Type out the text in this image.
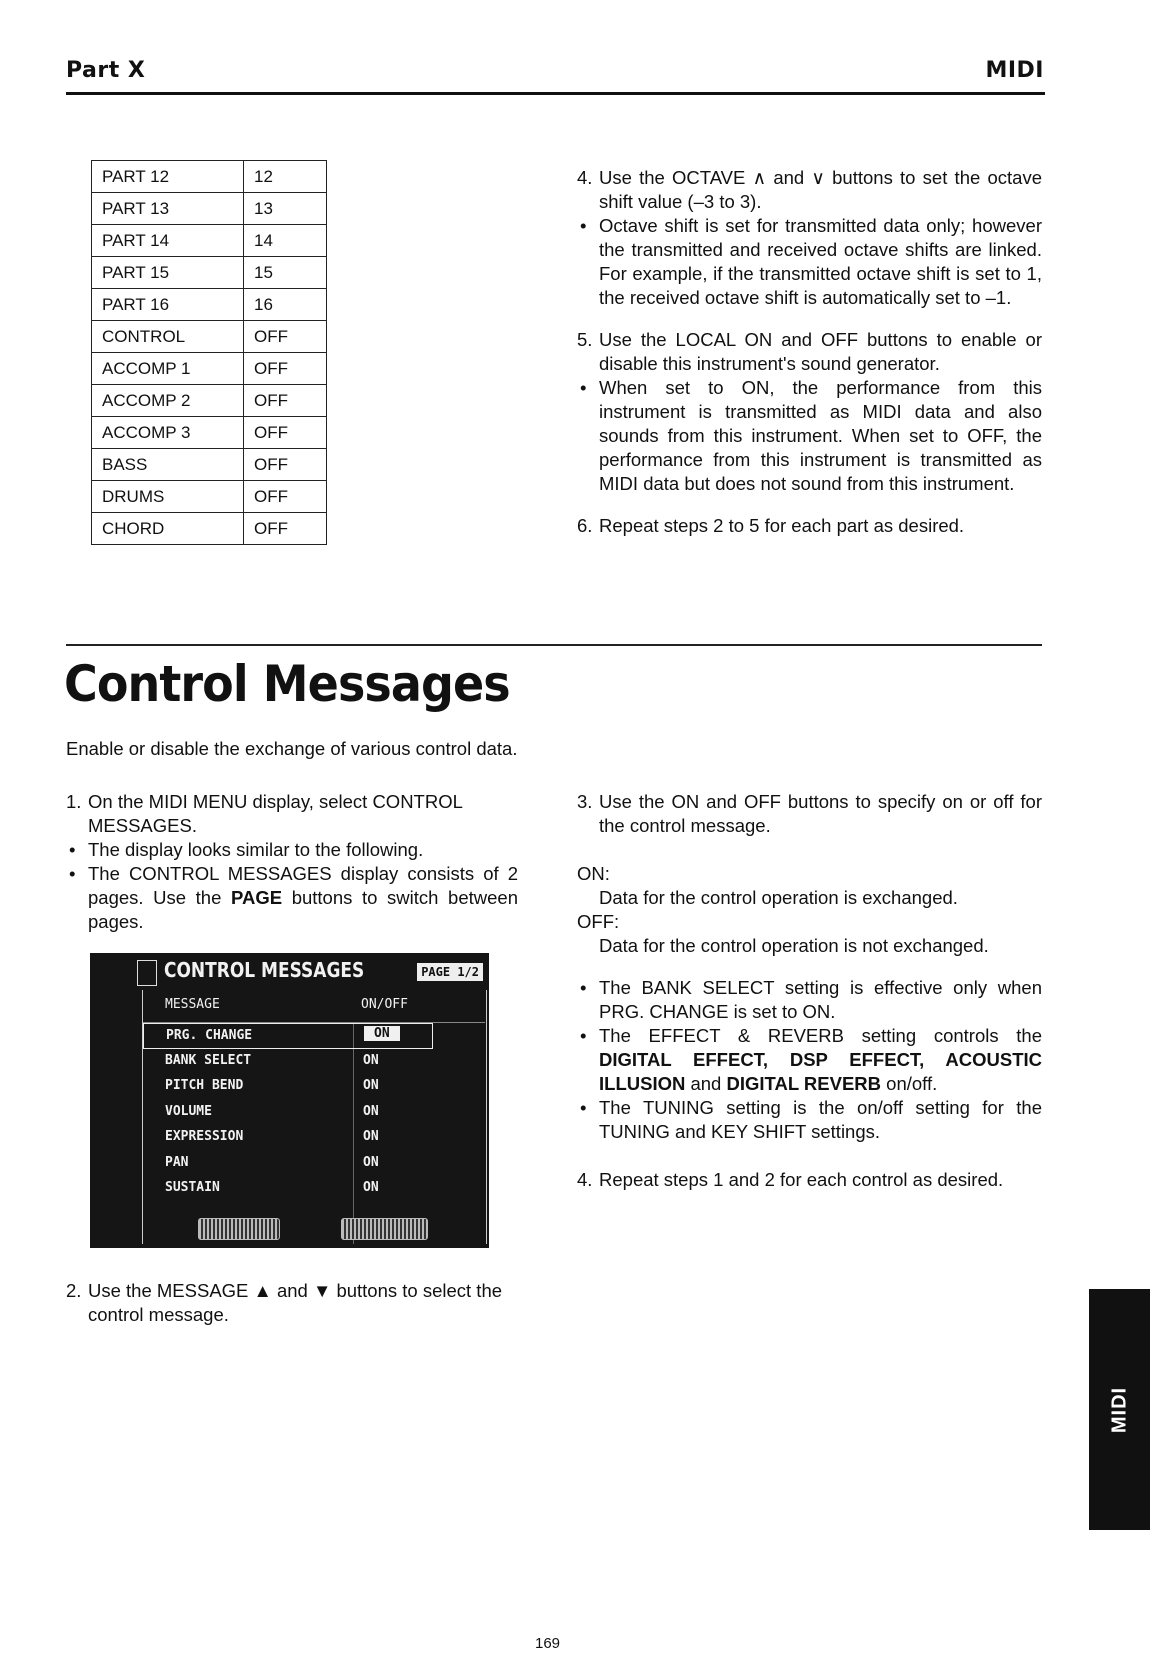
Part X	MIDI
PART 12	12
PART 13	13
PART 14	14
PART 15	15
PART 16	16
CONTROL	OFF
ACCOMP 1	OFF
ACCOMP 2	OFF
ACCOMP 3	OFF
BASS	OFF
DRUMS	OFF
CHORD	OFF
4. Use the OCTAVE ∧ and ∨ buttons to set the octave shift value (–3 to 3).
• Octave shift is set for transmitted data only; however the transmitted and received octave shifts are linked. For example, if the transmitted octave shift is set to 1, the received octave shift is automatically set to –1.
5. Use the LOCAL ON and OFF buttons to enable or disable this instrument's sound generator.
• When set to ON, the performance from this instrument is transmitted as MIDI data and also sounds from this instrument. When set to OFF, the performance from this instrument is transmitted as MIDI data but does not sound from this instrument.
6. Repeat steps 2 to 5 for each part as desired.
Control Messages
Enable or disable the exchange of various control data.
1. On the MIDI MENU display, select CONTROL MESSAGES.
• The display looks similar to the following.
• The CONTROL MESSAGES display consists of 2 pages. Use the PAGE buttons to switch between pages.
CONTROL MESSAGES	PAGE 1/2
MESSAGE	ON/OFF
PRG. CHANGE	ON
BANK SELECT	ON
PITCH BEND	ON
VOLUME	ON
EXPRESSION	ON
PAN	ON
SUSTAIN	ON
2. Use the MESSAGE ▲ and ▼ buttons to select the control message.
3. Use the ON and OFF buttons to specify on or off for the control message.

ON:

Data for the control operation is exchanged.

OFF:

Data for the control operation is not exchanged.

• The BANK SELECT setting is effective only when PRG. CHANGE is set to ON.
• The EFFECT & REVERB setting controls the DIGITAL EFFECT, DSP EFFECT, ACOUSTIC ILLUSION and DIGITAL REVERB on/off.
• The TUNING setting is the on/off setting for the TUNING and KEY SHIFT settings.
4. Repeat steps 1 and 2 for each control as desired.
MIDI
169
